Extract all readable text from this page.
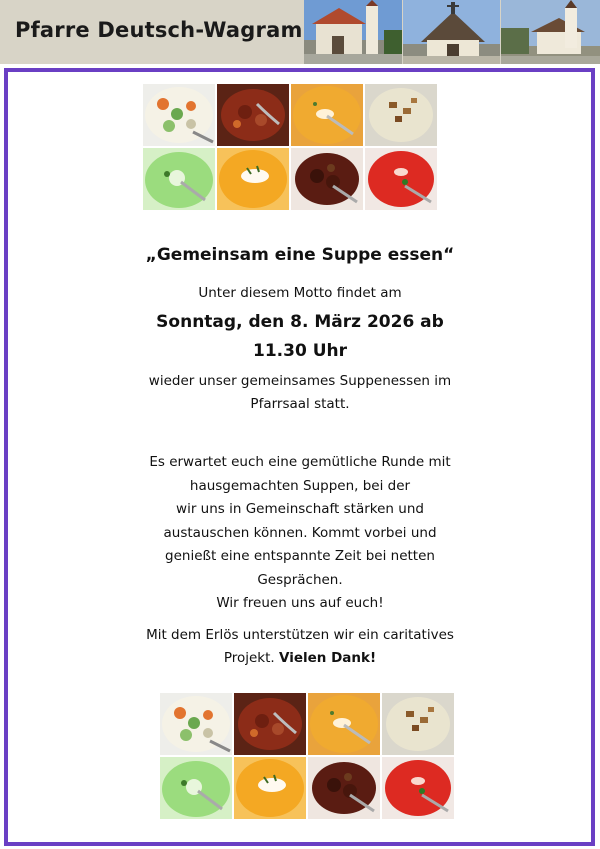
Pfarre Deutsch-Wagram
„Gemeinsam eine Suppe essen“
Unter diesem Motto findet am
Sonntag, den 8. März 2026 ab
11.30 Uhr
wieder unser gemeinsames Suppenessen im
Pfarrsaal statt.
Es erwartet euch eine gemütliche Runde mit
hausgemachten Suppen, bei der
wir uns in Gemeinschaft stärken und
austauschen können. Kommt vorbei und
genießt eine entspannte Zeit bei netten
Gesprächen.
Wir freuen uns auf euch!
Mit dem Erlös unterstützen wir ein caritatives
Projekt. Vielen Dank!
